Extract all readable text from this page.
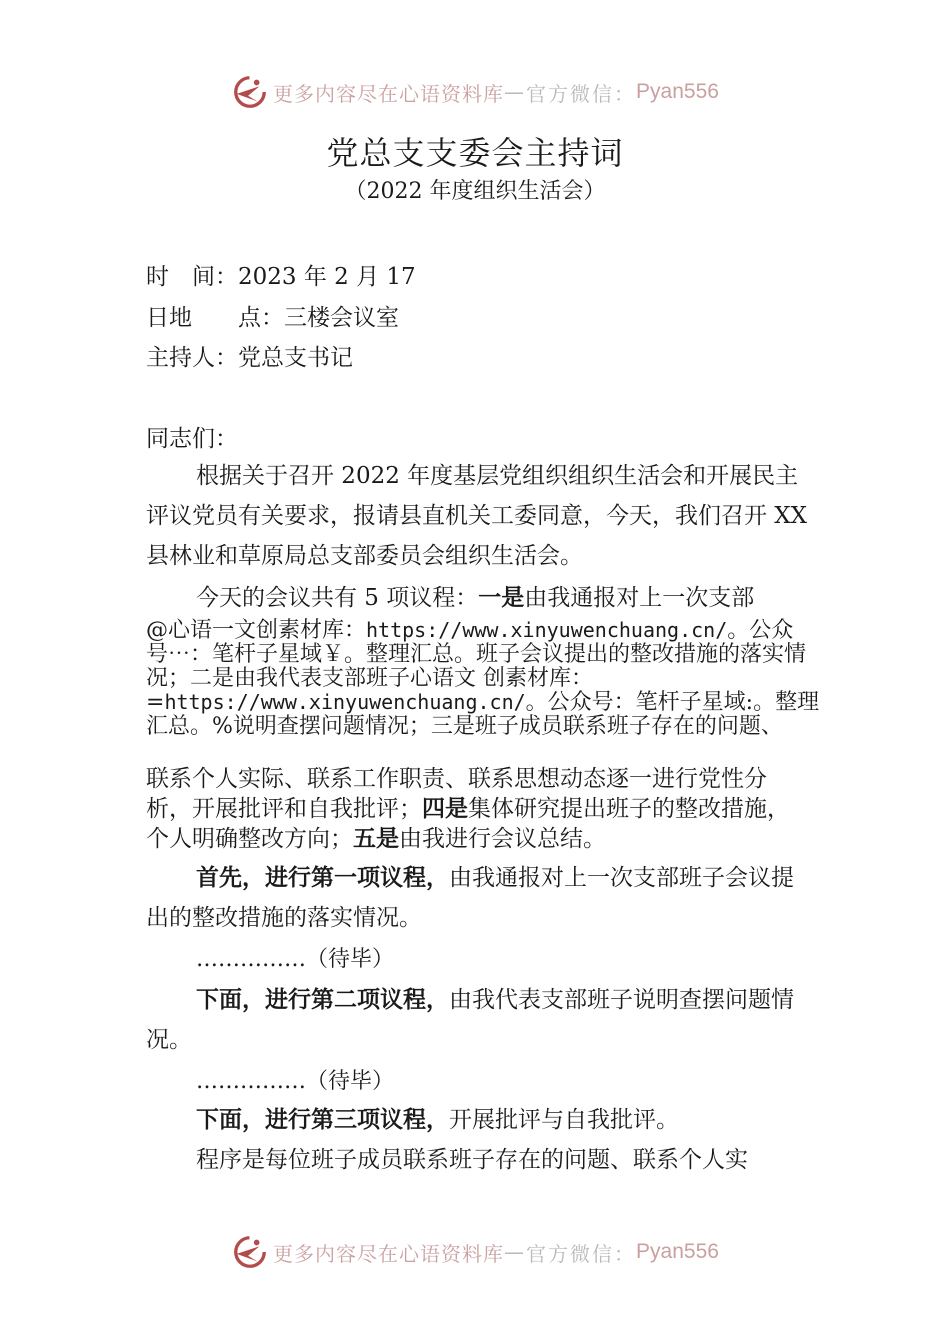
更多内容尽在心语资料库 — 官方微信： Pyan556
党总支支委会主持词
（2022 年度组织生活会）
时　间：2023 年 2 月 17
日地　　点：三楼会议室
主持人：党总支书记
同志们：

根据关于召开 2022 年度基层党组织组织生活会和开展民主评议党员有关要求，报请县直机关工委同意，今天，我们召开 XX 县林业和草原局总支部委员会组织生活会。

今天的会议共有 5 项议程：一是由我通报对上一次支部

@心语一文创素材库：https://www.xinyuwenchuang.cn/。公众号⋯：笔杆子星域￥。整理汇总。班子会议提出的整改措施的落实情况；二是由我代表支部班子心语文 创素材库：

=https://www.xinyuwenchuang.cn/。公众号：笔杆子星域:。整理汇总。%说明查摆问题情况；三是班子成员联系班子存在的问题、

联系个人实际、联系工作职责、联系思想动态逐一进行党性分析，开展批评和自我批评；四是集体研究提出班子的整改措施，个人明确整改方向；五是由我进行会议总结。

首先，进行第一项议程，由我通报对上一次支部班子会议提出的整改措施的落实情况。

……………（待毕）

下面，进行第二项议程，由我代表支部班子说明查摆问题情况。

……………（待毕）

下面，进行第三项议程，开展批评与自我批评。

程序是每位班子成员联系班子存在的问题、联系个人实

更多内容尽在心语资料库 — 官方微信： Pyan556
